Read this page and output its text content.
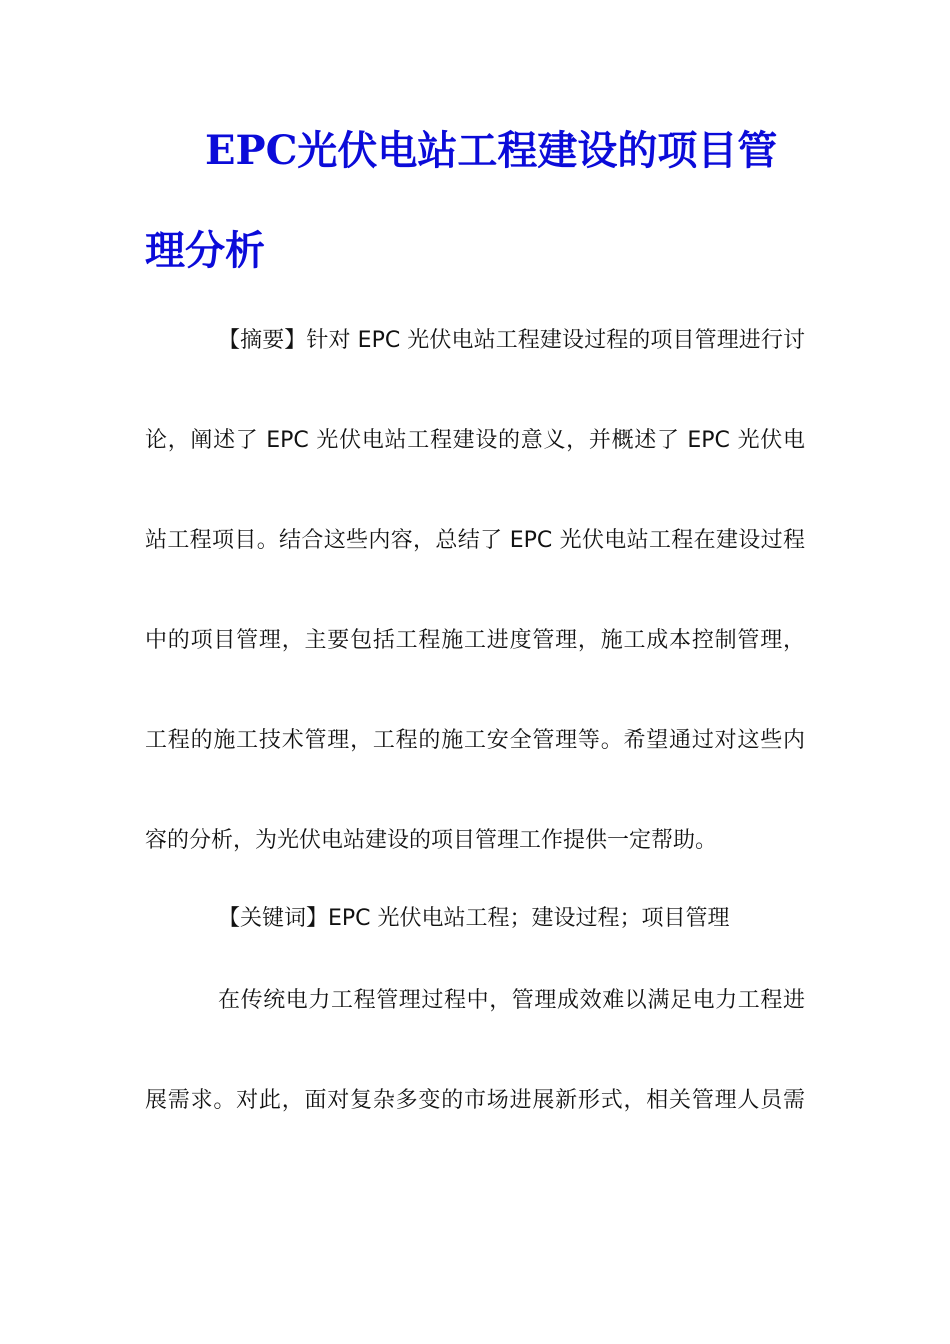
EPC光伏电站工程建设的项目管
理分析
【摘要】针对 EPC 光伏电站工程建设过程的项目管理进行讨
论，阐述了 EPC 光伏电站工程建设的意义，并概述了 EPC 光伏电
站工程项目。结合这些内容，总结了 EPC 光伏电站工程在建设过程
中的项目管理，主要包括工程施工进度管理，施工成本控制管理，
工程的施工技术管理，工程的施工安全管理等。希望通过对这些内
容的分析，为光伏电站建设的项目管理工作提供一定帮助。
【关键词】EPC 光伏电站工程；建设过程；项目管理
在传统电力工程管理过程中，管理成效难以满足电力工程进
展需求。对此，面对复杂多变的市场进展新形式，相关管理人员需
